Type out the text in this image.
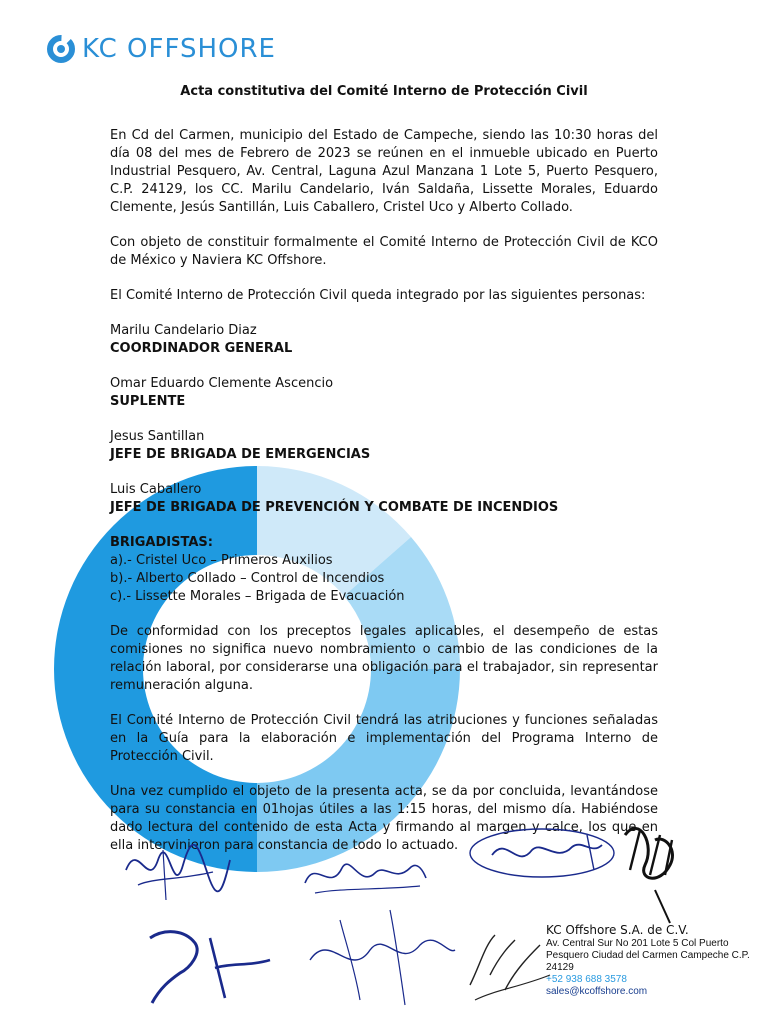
KC OFFSHORE

Acta constitutiva del Comité Interno de Protección Civil

En Cd del Carmen, municipio del Estado de Campeche, siendo las 10:30 horas del día 08 del mes de Febrero de 2023 se reúnen en el inmueble ubicado en Puerto Industrial Pesquero, Av. Central, Laguna Azul Manzana 1 Lote 5, Puerto Pesquero, C.P. 24129, los CC. Marilu Candelario, Iván Saldaña, Lissette Morales, Eduardo Clemente, Jesús Santillán, Luis Caballero, Cristel Uco y Alberto Collado.

Con objeto de constituir formalmente el Comité Interno de Protección Civil de KCO de México y Naviera KC Offshore.

El Comité Interno de Protección Civil queda integrado por las siguientes personas:

Marilu Candelario Diaz
COORDINADOR GENERAL
Omar Eduardo Clemente Ascencio
SUPLENTE
Jesus Santillan
JEFE DE BRIGADA DE EMERGENCIAS
Luis Caballero
JEFE DE BRIGADA DE PREVENCIÓN Y COMBATE DE INCENDIOS
BRIGADISTAS:
a).- Cristel Uco – Primeros Auxilios
b).- Alberto Collado – Control de Incendios
c).- Lissette Morales – Brigada de Evacuación

De conformidad con los preceptos legales aplicables, el desempeño de estas comisiones no significa nuevo nombramiento o cambio de las condiciones de la relación laboral, por considerarse una obligación para el trabajador, sin representar remuneración alguna.

El Comité Interno de Protección Civil tendrá las atribuciones y funciones señaladas en la Guía para la elaboración e implementación del Programa Interno de Protección Civil.

Una vez cumplido el objeto de la presenta acta, se da por concluida, levantándose para su constancia en 01hojas útiles a las 1:15 horas, del mismo día. Habiéndose dado lectura del contenido de esta Acta y firmando al margen y calce, los que en ella intervinieron para constancia de todo lo actuado.

KC Offshore S.A. de C.V.
Av. Central Sur No 201 Lote 5 Col Puerto Pesquero Ciudad del Carmen Campeche C.P. 24129
+52 938 688 3578
sales@kcoffshore.com
